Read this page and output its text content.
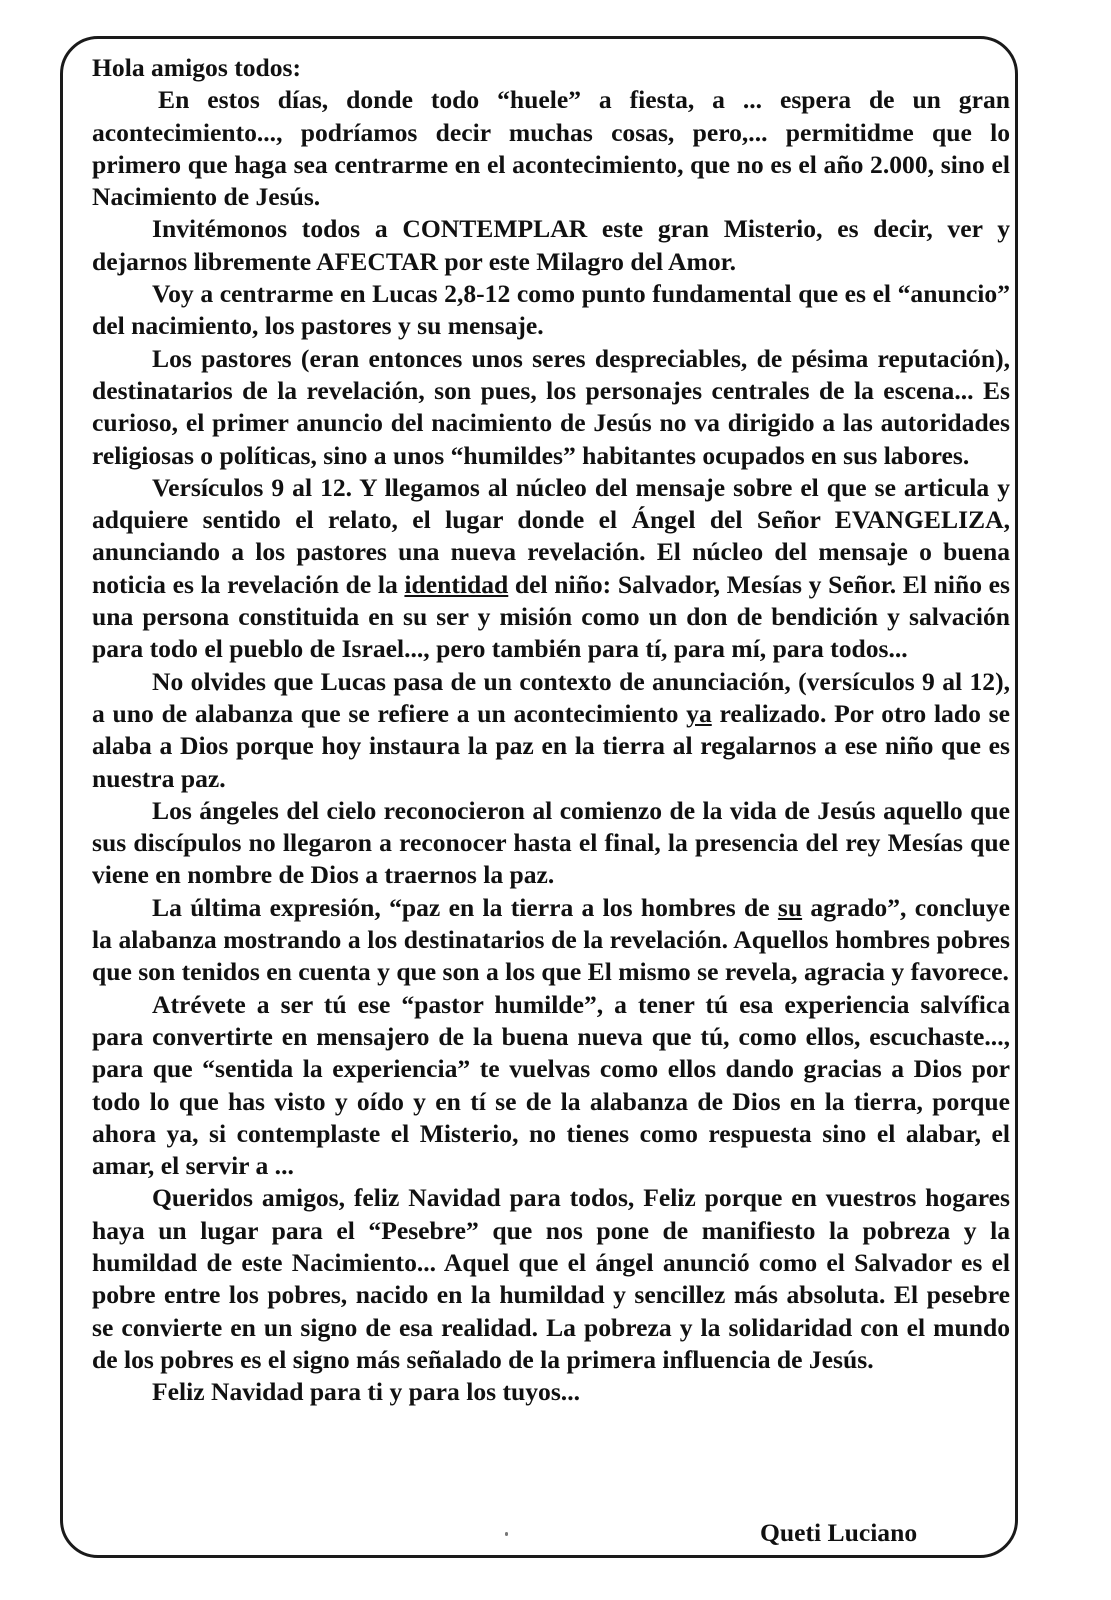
Hola amigos todos:

En estos días, donde todo “huele” a fiesta, a ... espera de un gran acontecimiento..., podríamos decir muchas cosas, pero,... permitidme que lo primero que haga sea centrarme en el acontecimiento, que no es el año 2.000, sino el Nacimiento de Jesús.

Invitémonos todos a CONTEMPLAR este gran Misterio, es decir, ver y dejarnos libremente AFECTAR por este Milagro del Amor.

Voy a centrarme en Lucas 2,8-12 como punto fundamental que es el “anuncio” del nacimiento, los pastores y su mensaje.

Los pastores (eran entonces unos seres despreciables, de pésima reputación), destinatarios de la revelación, son pues, los personajes centrales de la escena... Es curioso, el primer anuncio del nacimiento de Jesús no va dirigido a las autoridades religiosas o políticas, sino a unos “humildes” habitantes ocupados en sus labores.

Versículos 9 al 12. Y llegamos al núcleo del mensaje sobre el que se articula y adquiere sentido el relato, el lugar donde el Ángel del Señor EVANGELIZA, anunciando a los pastores una nueva revelación. El núcleo del mensaje o buena noticia es la revelación de la identidad del niño: Salvador, Mesías y Señor. El niño es una persona constituida en su ser y misión como un don de bendición y salvación para todo el pueblo de Israel..., pero también para tí, para mí, para todos...

No olvides que Lucas pasa de un contexto de anunciación, (versículos 9 al 12), a uno de alabanza que se refiere a un acontecimiento ya realizado. Por otro lado se alaba a Dios porque hoy instaura la paz en la tierra al regalarnos a ese niño que es nuestra paz.

Los ángeles del cielo reconocieron al comienzo de la vida de Jesús aquello que sus discípulos no llegaron a reconocer hasta el final, la presencia del rey Mesías que viene en nombre de Dios a traernos la paz.

La última expresión, “paz en la tierra a los hombres de su agrado”, concluye la alabanza mostrando a los destinatarios de la revelación. Aquellos hombres pobres que son tenidos en cuenta y que son a los que El mismo se revela, agracia y favorece.

Atrévete a ser tú ese “pastor humilde”, a tener tú esa experiencia salvífica para convertirte en mensajero de la buena nueva que tú, como ellos, escuchaste..., para que “sentida la experiencia” te vuelvas como ellos dando gracias a Dios por todo lo que has visto y oído y en tí se de la alabanza de Dios en la tierra, porque ahora ya, si contemplaste el Misterio, no tienes como respuesta sino el alabar, el amar, el servir a ...

Queridos amigos, feliz Navidad para todos, Feliz porque en vuestros hogares haya un lugar para el “Pesebre” que nos pone de manifiesto la pobreza y la humildad de este Nacimiento... Aquel que el ángel anunció como el Salvador es el pobre entre los pobres, nacido en la humildad y sencillez más absoluta. El pesebre se convierte en un signo de esa realidad. La pobreza y la solidaridad con el mundo de los pobres es el signo más señalado de la primera influencia de Jesús.

Feliz Navidad para ti y para los tuyos...

Queti Luciano
